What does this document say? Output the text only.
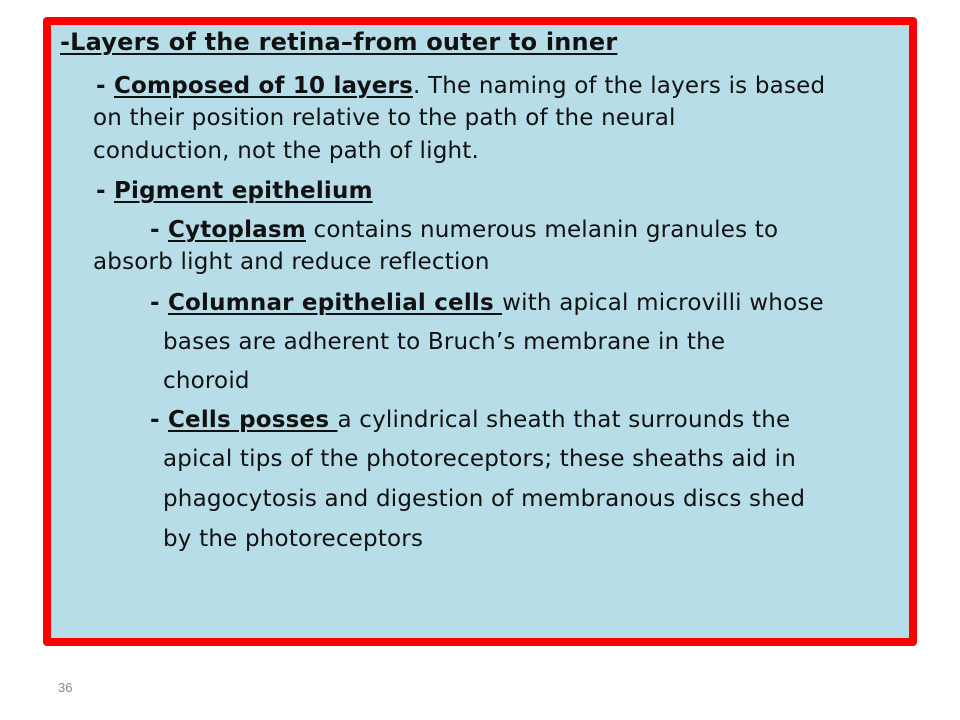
-Layers of the retina–from outer to inner
- Composed of 10 layers. The naming of the layers is based
on their position relative to the path of the neural
conduction, not the path of light.
- Pigment epithelium
- Cytoplasm contains numerous melanin granules to
absorb light and reduce reflection
- Columnar epithelial cells with apical microvilli whose
bases are adherent to Bruch’s membrane in the
choroid
- Cells posses a cylindrical sheath that surrounds the
apical tips of the photoreceptors; these sheaths aid in
phagocytosis and digestion of membranous discs shed
by the photoreceptors
36
